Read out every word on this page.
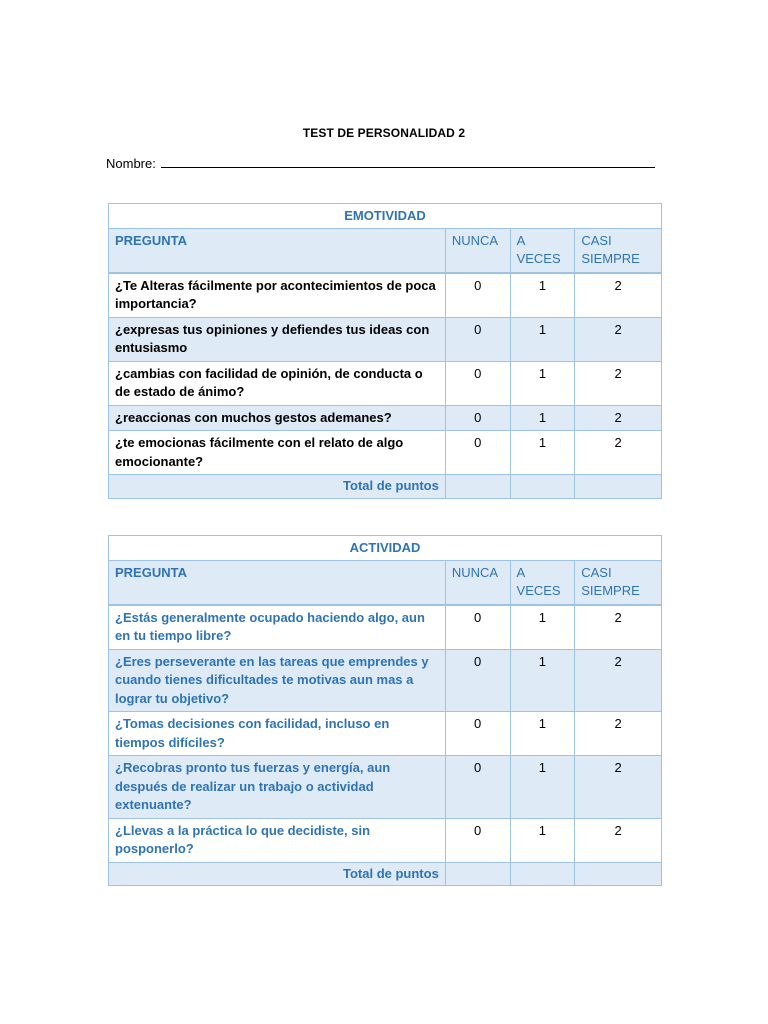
TEST DE PERSONALIDAD 2
Nombre:
EMOTIVIDAD			
PREGUNTA	NUNCA	A VECES	CASI SIEMPRE
¿Te Alteras fácilmente por acontecimientos de poca importancia?	0	1	2
¿expresas tus opiniones y defiendes tus ideas con entusiasmo	0	1	2
¿cambias con facilidad de opinión, de conducta o de estado de ánimo?	0	1	2
¿reaccionas con muchos gestos ademanes?	0	1	2
¿te emocionas fácilmente con el relato de algo emocionante?	0	1	2
Total de puntos			
ACTIVIDAD			
PREGUNTA	NUNCA	A VECES	CASI SIEMPRE
¿Estás generalmente ocupado haciendo algo, aun en tu tiempo libre?	0	1	2
¿Eres perseverante en las tareas que emprendes y cuando tienes dificultades te motivas aun mas a lograr tu objetivo?	0	1	2
¿Tomas decisiones con facilidad, incluso en tiempos difíciles?	0	1	2
¿Recobras pronto tus fuerzas y energía, aun después de realizar un trabajo o actividad extenuante?	0	1	2
¿Llevas a la práctica lo que decidiste, sin posponerlo?	0	1	2
Total de puntos			
